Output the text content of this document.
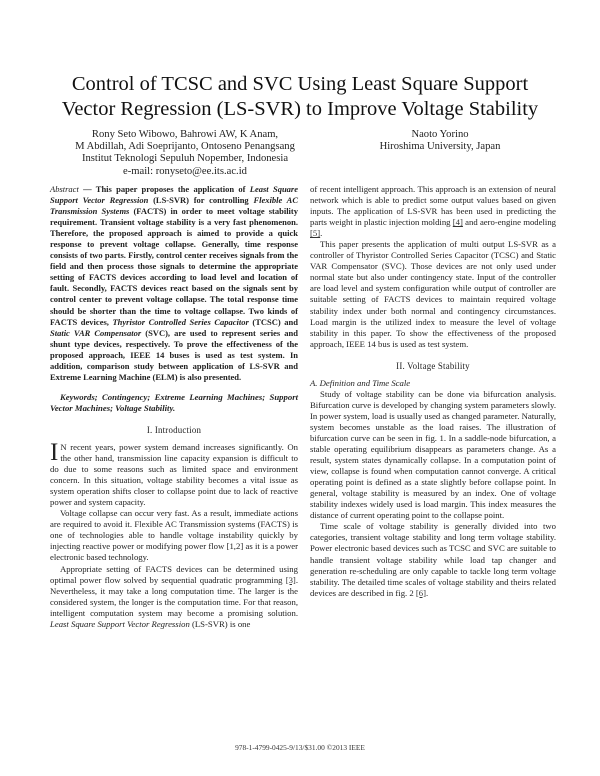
Control of TCSC and SVC Using Least Square Support
Vector Regression (LS-SVR) to Improve Voltage Stability
Rony Seto Wibowo, Bahrowi AW, K Anam,
M Abdillah, Adi Soeprijanto, Ontoseno Penangsang
Institut Teknologi Sepuluh Nopember, Indonesia
e-mail: ronyseto@ee.its.ac.id
Naoto Yorino
Hiroshima University, Japan

Abstract — This paper proposes the application of Least Square Support Vector Regression (LS-SVR) for controlling Flexible AC Transmission Systems (FACTS) in order to meet voltage stability requirement. Transient voltage stability is a very fast phenomenon. Therefore, the proposed approach is aimed to provide a quick response to prevent voltage collapse. Generally, time response consists of two parts. Firstly, control center receives signals from the field and then process those signals to determine the appropriate setting of FACTS devices according to load level and location of fault. Secondly, FACTS devices react based on the signals sent by control center to prevent voltage collapse. The total response time should be shorter than the time to voltage collapse. Two kinds of FACTS devices, Thyristor Controlled Series Capacitor (TCSC) and Static VAR Compensator (SVC), are used to represent series and shunt type devices, respectively. To prove the effectiveness of the proposed approach, IEEE 14 buses is used as test system. In addition, comparison study between application of LS-SVR and Extreme Learning Machine (ELM) is also presented.

Keywords; Contingency; Extreme Learning Machines; Support Vector Machines; Voltage Stability.

I. Introduction

I N recent years, power system demand increases significantly. On the other hand, transmission line capacity expansion is difficult to do due to some reasons such as limited space and environment concern. In this situation, voltage stability becomes a vital issue as system operation shifts closer to collapse point due to lack of reactive power and system capacity.

Voltage collapse can occur very fast. As a result, immediate actions are required to avoid it. Flexible AC Transmission systems (FACTS) is one of technologies able to handle voltage instability quickly by injecting reactive power or modifying power flow [1,2] as it is a power electronic based technology.

Appropriate setting of FACTS devices can be determined using optimal power flow solved by sequential quadratic programming [3]. Nevertheless, it may take a long computation time. The larger is the considered system, the longer is the computation time. For that reason, intelligent computation system may become a promising solution. Least Square Support Vector Regression (LS-SVR) is one

of recent intelligent approach. This approach is an extension of neural network which is able to predict some output values based on given inputs. The application of LS-SVR has been used in predicting the parts weight in plastic injection molding [4] and aero-engine modeling [5].

This paper presents the application of multi output LS-SVR as a controller of Thyristor Controlled Series Capacitor (TCSC) and Static VAR Compensator (SVC). Those devices are not only used under normal state but also under contingency state. Input of the controller are load level and system configuration while output of controller are suitable setting of FACTS devices to maintain required voltage stability index under both normal and contingency circumstances. Load margin is the utilized index to measure the level of voltage stability in this paper. To show the effectiveness of the proposed approach, IEEE 14 bus is used as test system.

II. Voltage Stability

A. Definition and Time Scale

Study of voltage stability can be done via bifurcation analysis. Bifurcation curve is developed by changing system parameters slowly. In power system, load is usually used as changed parameter. Naturally, system becomes unstable as the load raises. The illustration of bifurcation curve can be seen in fig. 1. In a saddle-node bifurcation, a stable operating equilibrium disappears as parameters change. As a result, system states dynamically collapse. In a computation point of view, collapse is found when computation cannot converge. A critical operating point is defined as a state slightly before collapse point. In general, voltage stability is measured by an index. One of voltage stability indexes widely used is load margin. This index measures the distance of current operating point to the collapse point.

Time scale of voltage stability is generally divided into two categories, transient voltage stability and long term voltage stability. Power electronic based devices such as TCSC and SVC are suitable to handle transient voltage stability while load tap changer and generation re-scheduling are only capable to tackle long term voltage stability. The detailed time scales of voltage stability and theirs related devices are described in fig. 2 [6].

978-1-4799-0425-9/13/$31.00 ©2013 IEEE
